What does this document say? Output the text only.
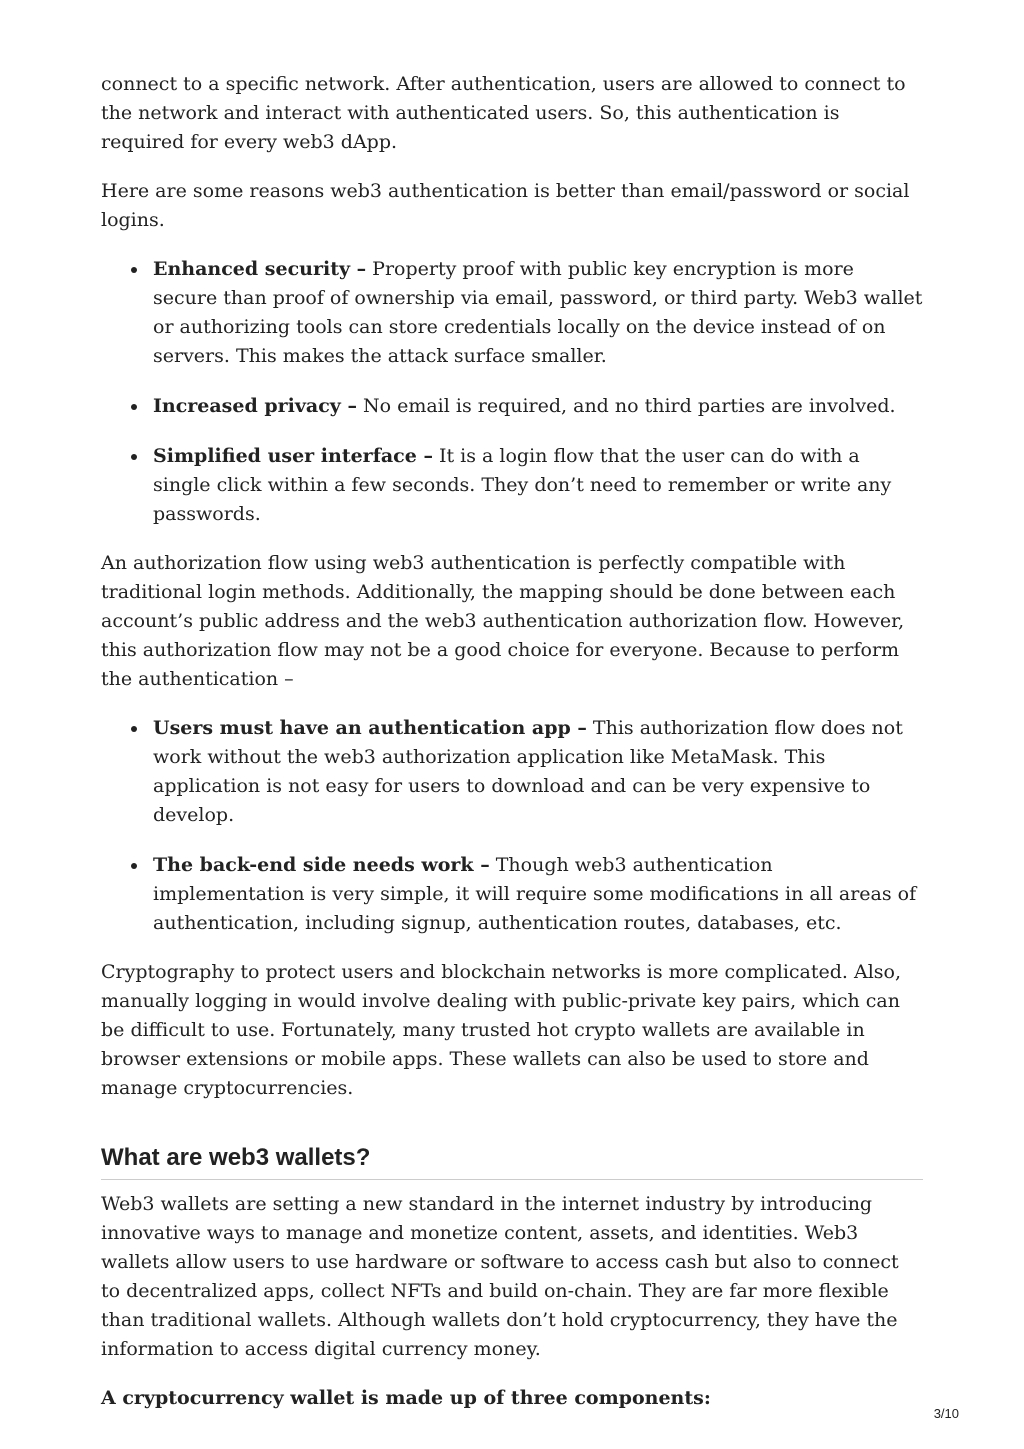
connect to a specific network. After authentication, users are allowed to connect to the network and interact with authenticated users. So, this authentication is required for every web3 dApp.

Here are some reasons web3 authentication is better than email/password or social logins.

Enhanced security – Property proof with public key encryption is more secure than proof of ownership via email, password, or third party. Web3 wallet or authorizing tools can store credentials locally on the device instead of on servers. This makes the attack surface smaller.
Increased privacy – No email is required, and no third parties are involved.
Simplified user interface – It is a login flow that the user can do with a single click within a few seconds. They don’t need to remember or write any passwords.

An authorization flow using web3 authentication is perfectly compatible with traditional login methods. Additionally, the mapping should be done between each account’s public address and the web3 authentication authorization flow. However, this authorization flow may not be a good choice for everyone. Because to perform the authentication –

Users must have an authentication app – This authorization flow does not work without the web3 authorization application like MetaMask. This application is not easy for users to download and can be very expensive to develop.
The back-end side needs work – Though web3 authentication implementation is very simple, it will require some modifications in all areas of authentication, including signup, authentication routes, databases, etc.

Cryptography to protect users and blockchain networks is more complicated. Also, manually logging in would involve dealing with public-private key pairs, which can be difficult to use. Fortunately, many trusted hot crypto wallets are available in browser extensions or mobile apps. These wallets can also be used to store and manage cryptocurrencies.

What are web3 wallets?

Web3 wallets are setting a new standard in the internet industry by introducing innovative ways to manage and monetize content, assets, and identities. Web3 wallets allow users to use hardware or software to access cash but also to connect to decentralized apps, collect NFTs and build on-chain. They are far more flexible than traditional wallets. Although wallets don’t hold cryptocurrency, they have the information to access digital currency money.

A cryptocurrency wallet is made up of three components:

3/10
